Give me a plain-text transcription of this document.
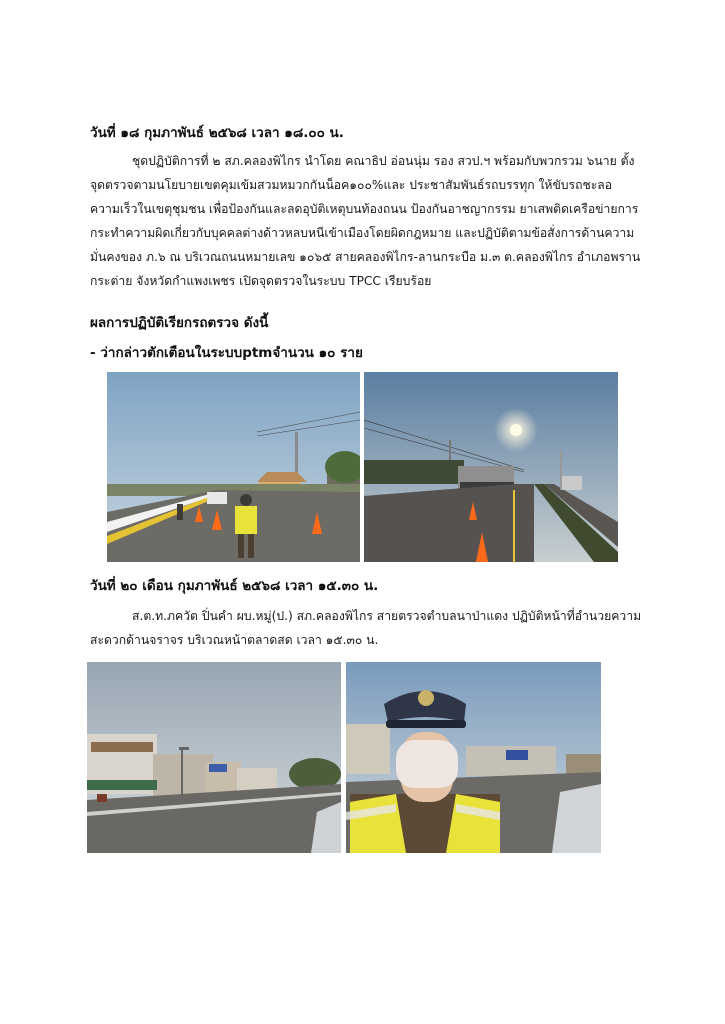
วันที่ ๑๘ กุมภาพันธ์ ๒๕๖๘ เวลา ๑๘.๐๐ น.
ชุดปฏิบัติการที่ ๒ สภ.คลองพิไกร นำโดย คณาธิป อ่อนนุ่ม รอง สวป.ฯ พร้อมกับพวกรวม ๖นาย ตั้ง
จุดตรวจตามนโยบายเขตคุมเข้มสวมหมวกกันน็อค๑๐๐%และ ประชาสัมพันธ์รถบรรทุก ให้ขับรถชะลอ
ความเร็วในเขตุชุมชน เพื่อป้องกันและลดอุบัติเหตุบนท้องถนน ป้องกันอาชญากรรม ยาเสพติดเครือข่ายการ
กระทำความผิดเกี่ยวกับบุคคลต่างด้าวหลบหนีเข้าเมืองโดยผิดกฎหมาย และปฏิบัติตามข้อสั่งการด้านความ
มั่นคงของ ภ.๖ ณ บริเวณถนนหมายเลข ๑๐๖๕ สายคลองพิไกร-ลานกระบือ ม.๓ ต.คลองพิไกร อำเภอพราน
กระต่าย จังหวัดกำแพงเพชร เปิดจุดตรวจในระบบ TPCC เรียบร้อย
ผลการปฏิบัติเรียกรถตรวจ ดังนี้
- ว่ากล่าวตักเตือนในระบบptmจำนวน ๑๐ ราย
วันที่ ๒๐ เดือน กุมภาพันธ์ ๒๕๖๘ เวลา ๑๕.๓๐ น.
ส.ต.ท.ภควัต ปิ่นคำ ผบ.หมู่(ป.) สภ.คลองพิไกร สายตรวจตำบลนาป่าแดง ปฏิบัติหน้าที่อำนวยความ
สะดวกด้านจราจร บริเวณหน้าตลาดสด เวลา ๑๕.๓๐ น.
